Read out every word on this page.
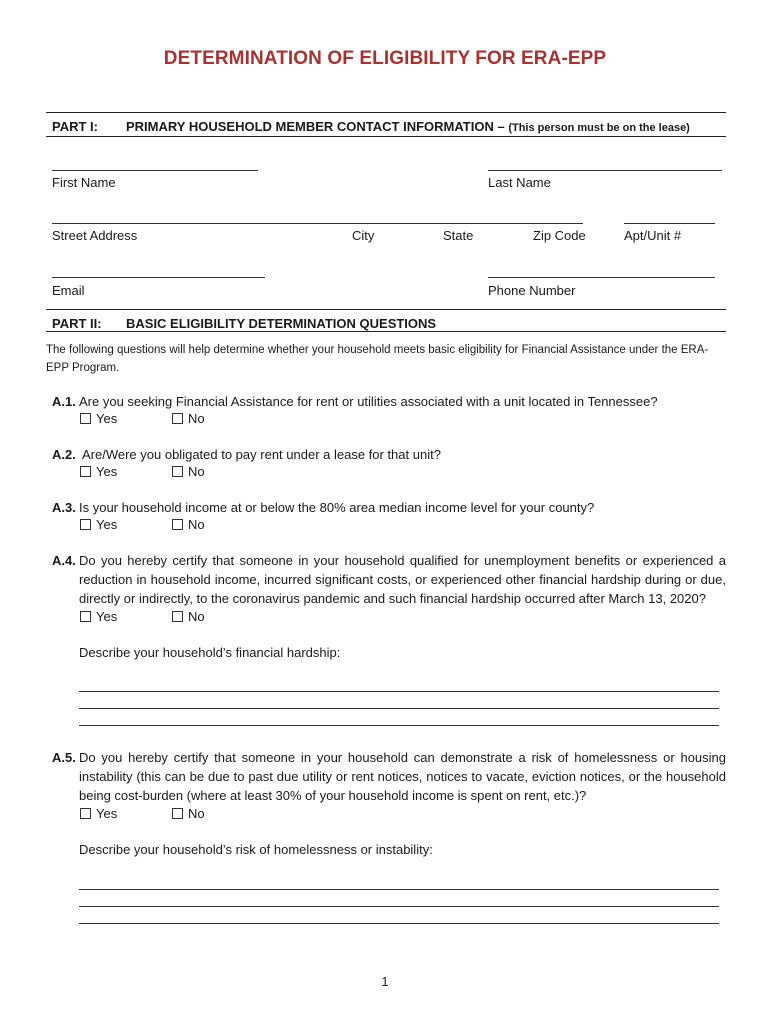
DETERMINATION OF ELIGIBILITY FOR ERA-EPP
PART I: PRIMARY HOUSEHOLD MEMBER CONTACT INFORMATION – (This person must be on the lease)
First Name	Last Name
Street Address	City	State	Zip Code	Apt/Unit #
Email	Phone Number
PART II: BASIC ELIGIBILITY DETERMINATION QUESTIONS
The following questions will help determine whether your household meets basic eligibility for Financial Assistance under the ERA-EPP Program.
A.1. Are you seeking Financial Assistance for rent or utilities associated with a unit located in Tennessee?
Yes	No
A.2. Are/Were you obligated to pay rent under a lease for that unit?
Yes	No
A.3. Is your household income at or below the 80% area median income level for your county?
Yes	No
A.4. Do you hereby certify that someone in your household qualified for unemployment benefits or experienced a reduction in household income, incurred significant costs, or experienced other financial hardship during or due, directly or indirectly, to the coronavirus pandemic and such financial hardship occurred after March 13, 2020?
Yes	No
Describe your household’s financial hardship:
A.5. Do you hereby certify that someone in your household can demonstrate a risk of homelessness or housing instability (this can be due to past due utility or rent notices, notices to vacate, eviction notices, or the household being cost-burden (where at least 30% of your household income is spent on rent, etc.)?
Yes	No
Describe your household’s risk of homelessness or instability:
1
